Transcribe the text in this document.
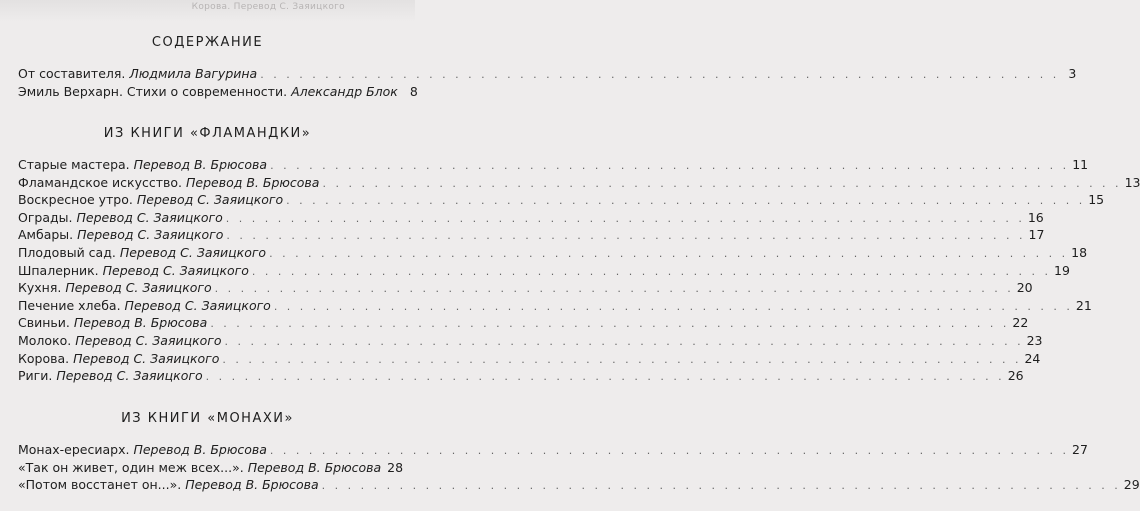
Корова. Перевод С. Заяицкого
СОДЕРЖАНИЕ
От составителя. Людмила Вагурина . . .	3
Эмиль Верхарн. Стихи о современности. Александр Блок 8
ИЗ КНИГИ «ФЛАМАНДКИ»
Старые мастера. Перевод В. Брюсова . . .	11
Фламандское искусство. Перевод В. Брюсова . . .	13
Воскресное утро. Перевод С. Заяицкого . . .	15
Ограды. Перевод С. Заяицкого . . .	16
Амбары. Перевод С. Заяицкого . . .	17
Плодовый сад. Перевод С. Заяицкого . . .	18
Шпалерник. Перевод С. Заяицкого . . .	19
Кухня. Перевод С. Заяицкого . . .	20
Печение хлеба. Перевод С. Заяицкого . . .	21
Свиньи. Перевод В. Брюсова . . .	22
Молоко. Перевод С. Заяицкого . . .	23
Корова. Перевод С. Заяицкого . . .	24
Риги. Перевод С. Заяицкого . . .	26
ИЗ КНИГИ «МОНАХИ»
Монах-ересиарх. Перевод В. Брюсова . . .	27
«Так он живет, один меж всех...». Перевод В. Брюсова 28
«Потом восстанет он...». Перевод В. Брюсова . . .	29
